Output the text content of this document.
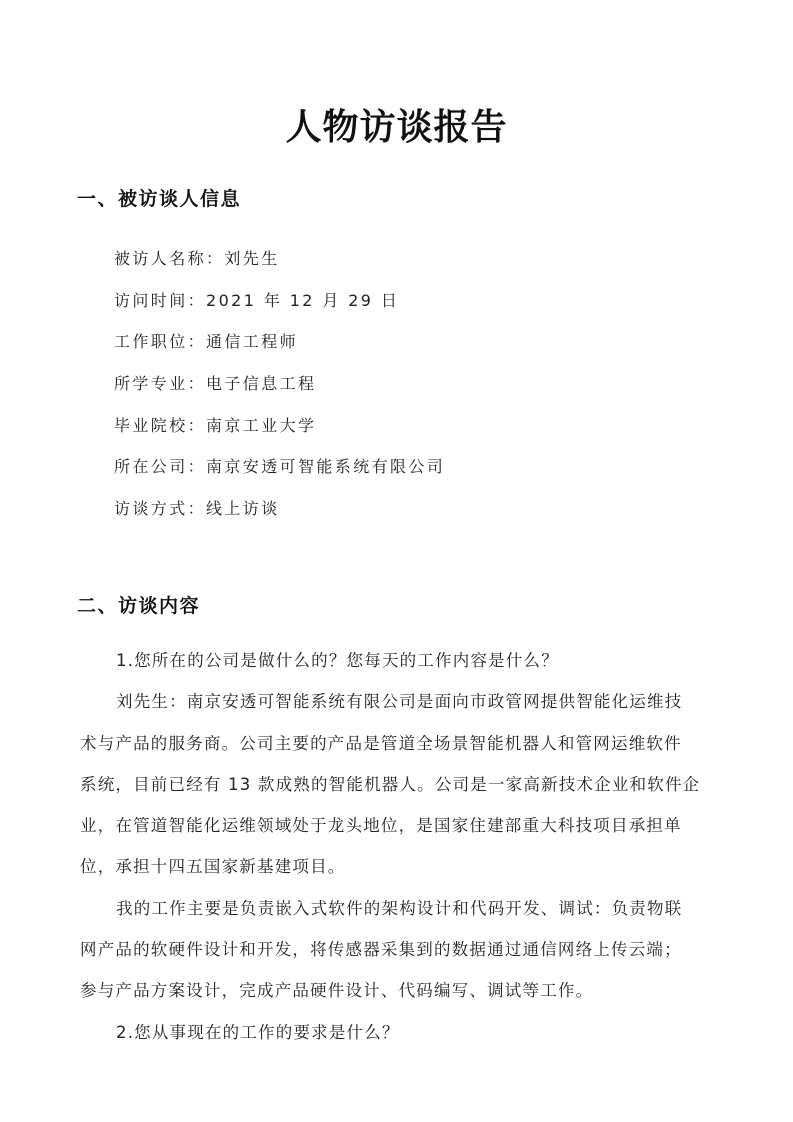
人物访谈报告
一、被访谈人信息
被访人名称：刘先生
访问时间：2021 年 12 月 29 日
工作职位：通信工程师
所学专业：电子信息工程
毕业院校：南京工业大学
所在公司：南京安透可智能系统有限公司
访谈方式：线上访谈
二、访谈内容
1.您所在的公司是做什么的？您每天的工作内容是什么？
刘先生：南京安透可智能系统有限公司是面向市政管网提供智能化运维技
术与产品的服务商。公司主要的产品是管道全场景智能机器人和管网运维软件
系统，目前已经有 13 款成熟的智能机器人。公司是一家高新技术企业和软件企
业，在管道智能化运维领域处于龙头地位，是国家住建部重大科技项目承担单
位，承担十四五国家新基建项目。
我的工作主要是负责嵌入式软件的架构设计和代码开发、调试：负责物联
网产品的软硬件设计和开发，将传感器采集到的数据通过通信网络上传云端；
参与产品方案设计，完成产品硬件设计、代码编写、调试等工作。
2.您从事现在的工作的要求是什么？
